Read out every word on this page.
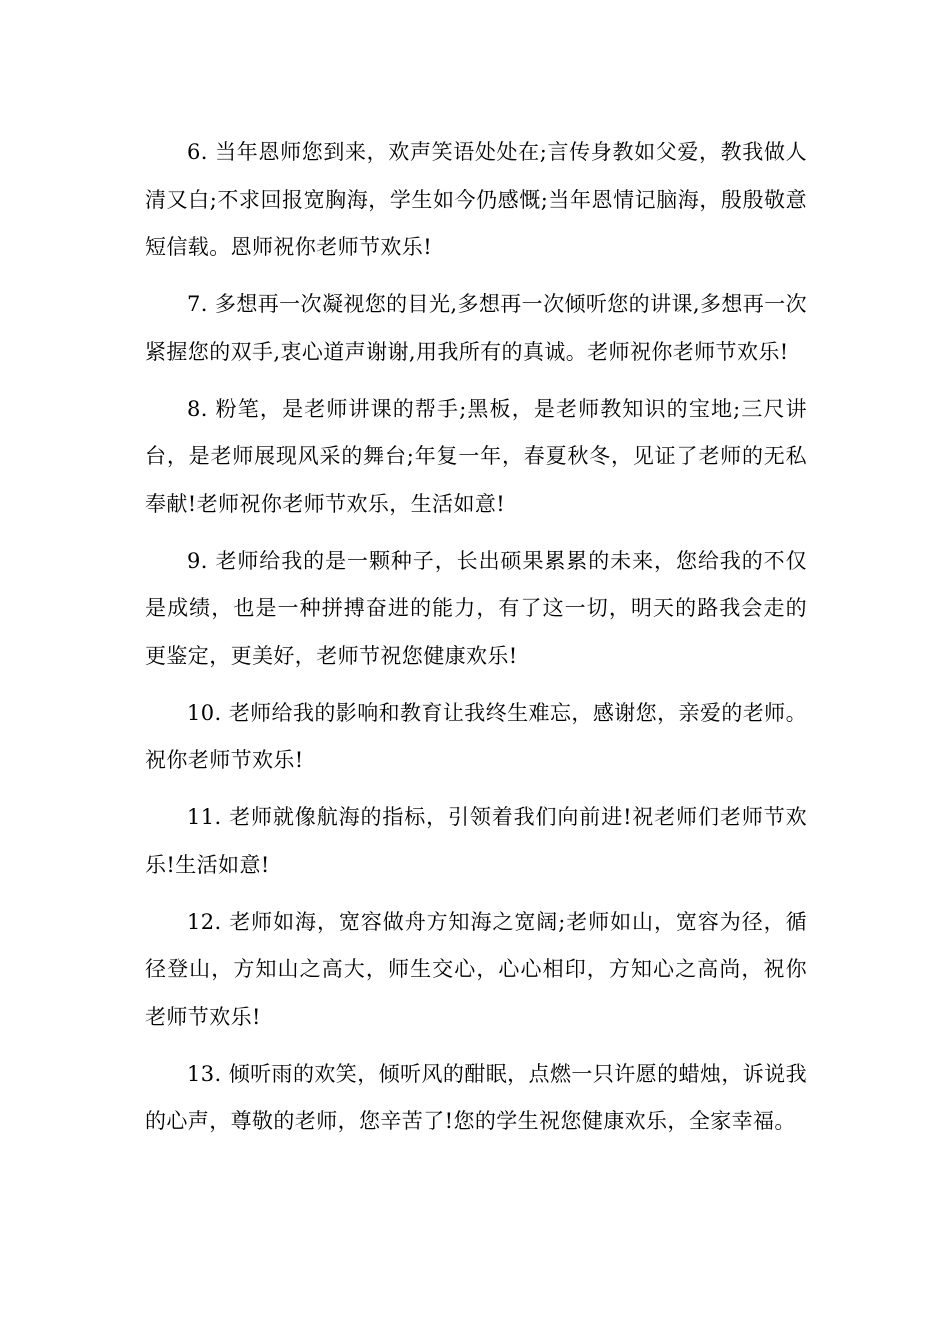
6. 当年恩师您到来，欢声笑语处处在;言传身教如父爱，教我做人清又白;不求回报宽胸海，学生如今仍感慨;当年恩情记脑海，殷殷敬意短信载。恩师祝你老师节欢乐!

7. 多想再一次凝视您的目光,多想再一次倾听您的讲课,多想再一次紧握您的双手,衷心道声谢谢,用我所有的真诚。老师祝你老师节欢乐!

8. 粉笔，是老师讲课的帮手;黑板，是老师教知识的宝地;三尺讲台，是老师展现风采的舞台;年复一年，春夏秋冬，见证了老师的无私奉献!老师祝你老师节欢乐，生活如意!

9. 老师给我的是一颗种子，长出硕果累累的未来，您给我的不仅是成绩，也是一种拼搏奋进的能力，有了这一切，明天的路我会走的更鉴定，更美好，老师节祝您健康欢乐!

10. 老师给我的影响和教育让我终生难忘，感谢您，亲爱的老师。祝你老师节欢乐!

11. 老师就像航海的指标，引领着我们向前进!祝老师们老师节欢乐!生活如意!

12. 老师如海，宽容做舟方知海之宽阔;老师如山，宽容为径，循径登山，方知山之高大，师生交心，心心相印，方知心之高尚，祝你老师节欢乐!

13. 倾听雨的欢笑，倾听风的酣眠，点燃一只许愿的蜡烛，诉说我的心声，尊敬的老师，您辛苦了!您的学生祝您健康欢乐，全家幸福。
